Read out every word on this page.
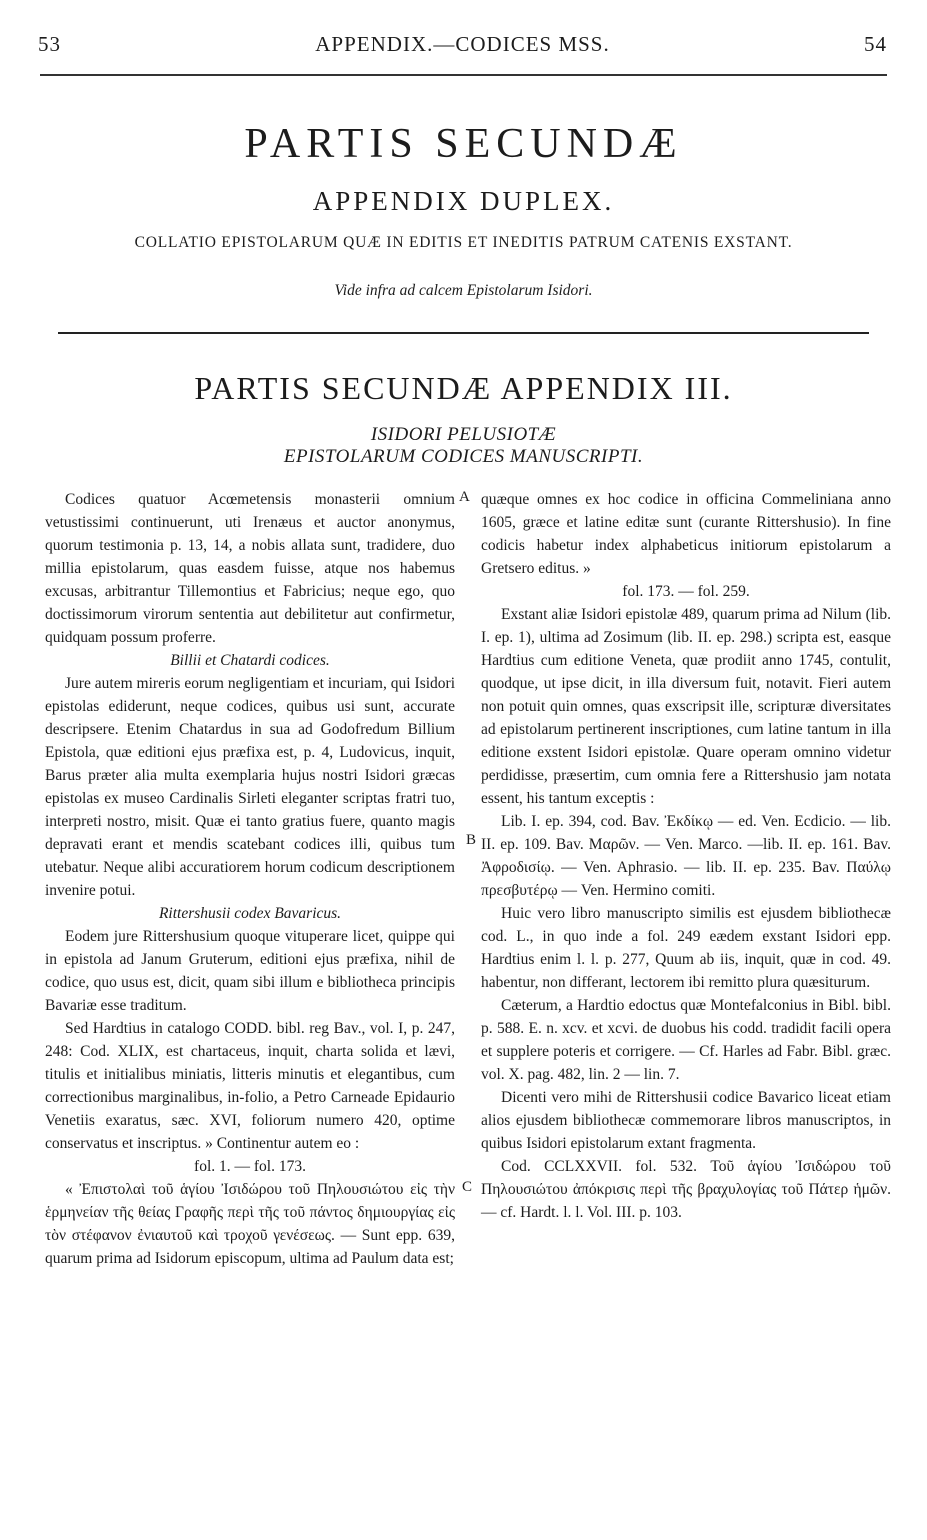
53	APPENDIX.—CODICES MSS.	54
PARTIS SECUNDÆ
APPENDIX DUPLEX.
COLLATIO EPISTOLARUM QUÆ IN EDITIS ET INEDITIS PATRUM CATENIS EXSTANT.
Vide infra ad calcem Epistolarum Isidori.
PARTIS SECUNDÆ APPENDIX III.
ISIDORI PELUSIOTÆ
EPISTOLARUM CODICES MANUSCRIPTI.

Codices quatuor Acœmetensis monasterii omnium vetustissimi continuerunt, uti Irenæus et auctor anonymus, quorum testimonia p. 13, 14, a nobis allata sunt, tradidere, duo millia epistolarum, quas easdem fuisse, atque nos habemus excusas, arbitrantur Tillemontius et Fabricius; neque ego, quo doctissimorum virorum sententia aut debilitetur aut confirmetur, quidquam possum proferre.

Billii et Chatardi codices.

Jure autem mireris eorum negligentiam et incuriam, qui Isidori epistolas ediderunt, neque codices, quibus usi sunt, accurate descripsere. Etenim Chatardus in sua ad Godofredum Billium Epistola, quæ editioni ejus præfixa est, p. 4, Ludovicus, inquit, Barus præter alia multa exemplaria hujus nostri Isidori græcas epistolas ex museo Cardinalis Sirleti eleganter scriptas fratri tuo, interpreti nostro, misit. Quæ ei tanto gratius fuere, quanto magis depravati erant et mendis scatebant codices illi, quibus tum utebatur. Neque alibi accuratiorem horum codicum descriptionem invenire potui.

Rittershusii codex Bavaricus.

Eodem jure Rittershusium quoque vituperare licet, quippe qui in epistola ad Janum Gruterum, editioni ejus præfixa, nihil de codice, quo usus est, dicit, quam sibi illum e bibliotheca principis Bavariæ esse traditum.

Sed Hardtius in catalogo CODD. bibl. reg Bav., vol. I, p. 247, 248: Cod. XLIX, est chartaceus, inquit, charta solida et lævi, titulis et initialibus miniatis, litteris minutis et elegantibus, cum correctionibus marginalibus, in-folio, a Petro Carneade Epidaurio Venetiis exaratus, sæc. XVI, foliorum numero 420, optime conservatus et inscriptus. » Continentur autem eo :

fol. 1. — fol. 173.

« Ἐπιστολαὶ τοῦ ἁγίου Ἰσιδώρου τοῦ Πηλουσιώτου εἰς τὴν ἑρμηνείαν τῆς θείας Γραφῆς περὶ τῆς τοῦ πάντος δημιουργίας εἰς τὸν στέφανον ἐνιαυτοῦ καὶ τροχοῦ γενέσεως. — Sunt epp. 639, quarum prima ad Isidorum episcopum, ultima ad Paulum data est;

A
B
C

quæque omnes ex hoc codice in officina Commeliniana anno 1605, græce et latine editæ sunt (curante Rittershusio). In fine codicis habetur index alphabeticus initiorum epistolarum a Gretsero editus. »

fol. 173. — fol. 259.

Exstant aliæ Isidori epistolæ 489, quarum prima ad Nilum (lib. I. ep. 1), ultima ad Zosimum (lib. II. ep. 298.) scripta est, easque Hardtius cum editione Veneta, quæ prodiit anno 1745, contulit, quodque, ut ipse dicit, in illa diversum fuit, notavit. Fieri autem non potuit quin omnes, quas exscripsit ille, scripturæ diversitates ad epistolarum pertinerent inscriptiones, cum latine tantum in illa editione exstent Isidori epistolæ. Quare operam omnino videtur perdidisse, præsertim, cum omnia fere a Rittershusio jam notata essent, his tantum exceptis :

Lib. I. ep. 394, cod. Bav. Ἐκδίκῳ — ed. Ven. Ecdicio. — lib. II. ep. 109. Bav. Μαρῶν. — Ven. Marco. —lib. II. ep. 161. Bav. Ἀφροδισίῳ. — Ven. Aphrasio. — lib. II. ep. 235. Bav. Παύλῳ πρεσβυτέρῳ — Ven. Hermino comiti.

Huic vero libro manuscripto similis est ejusdem bibliothecæ cod. L., in quo inde a fol. 249 eædem exstant Isidori epp. Hardtius enim l. l. p. 277, Quum ab iis, inquit, quæ in cod. 49. habentur, non differant, lectorem ibi remitto plura quæsiturum.

Cæterum, a Hardtio edoctus quæ Montefalconius in Bibl. bibl. p. 588. E. n. xcv. et xcvi. de duobus his codd. tradidit facili opera et supplere poteris et corrigere. — Cf. Harles ad Fabr. Bibl. græc. vol. X. pag. 482, lin. 2 — lin. 7.

Dicenti vero mihi de Rittershusii codice Bavarico liceat etiam alios ejusdem bibliothecæ commemorare libros manuscriptos, in quibus Isidori epistolarum extant fragmenta.

Cod. CCLXXVII. fol. 532. Τοῦ ἁγίου Ἰσιδώρου τοῦ Πηλουσιώτου ἀπόκρισις περὶ τῆς βραχυλογίας τοῦ Πάτερ ἡμῶν. — cf. Hardt. l. l. Vol. III. p. 103.
